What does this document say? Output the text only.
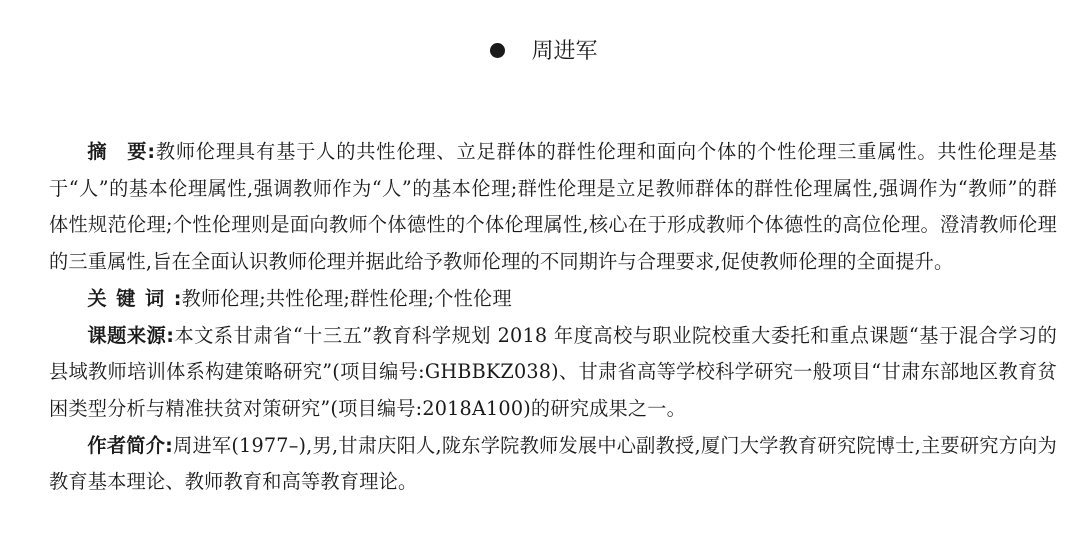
周进军

摘 要:教师伦理具有基于人的共性伦理、立足群体的群性伦理和面向个体的个性伦理三重属性。共性伦理是基于“人”的基本伦理属性,强调教师作为“人”的基本伦理;群性伦理是立足教师群体的群性伦理属性,强调作为“教师”的群体性规范伦理;个性伦理则是面向教师个体德性的个体伦理属性,核心在于形成教师个体德性的高位伦理。澄清教师伦理的三重属性,旨在全面认识教师伦理并据此给予教师伦理的不同期许与合理要求,促使教师伦理的全面提升。

关键词:教师伦理;共性伦理;群性伦理;个性伦理

课题来源:本文系甘肃省“十三五”教育科学规划 2018 年度高校与职业院校重大委托和重点课题“基于混合学习的县域教师培训体系构建策略研究”(项目编号:GHBBKZ038)、甘肃省高等学校科学研究一般项目“甘肃东部地区教育贫困类型分析与精准扶贫对策研究”(项目编号:2018A100)的研究成果之一。

作者简介:周进军(1977–),男,甘肃庆阳人,陇东学院教师发展中心副教授,厦门大学教育研究院博士,主要研究方向为教育基本理论、教师教育和高等教育理论。
